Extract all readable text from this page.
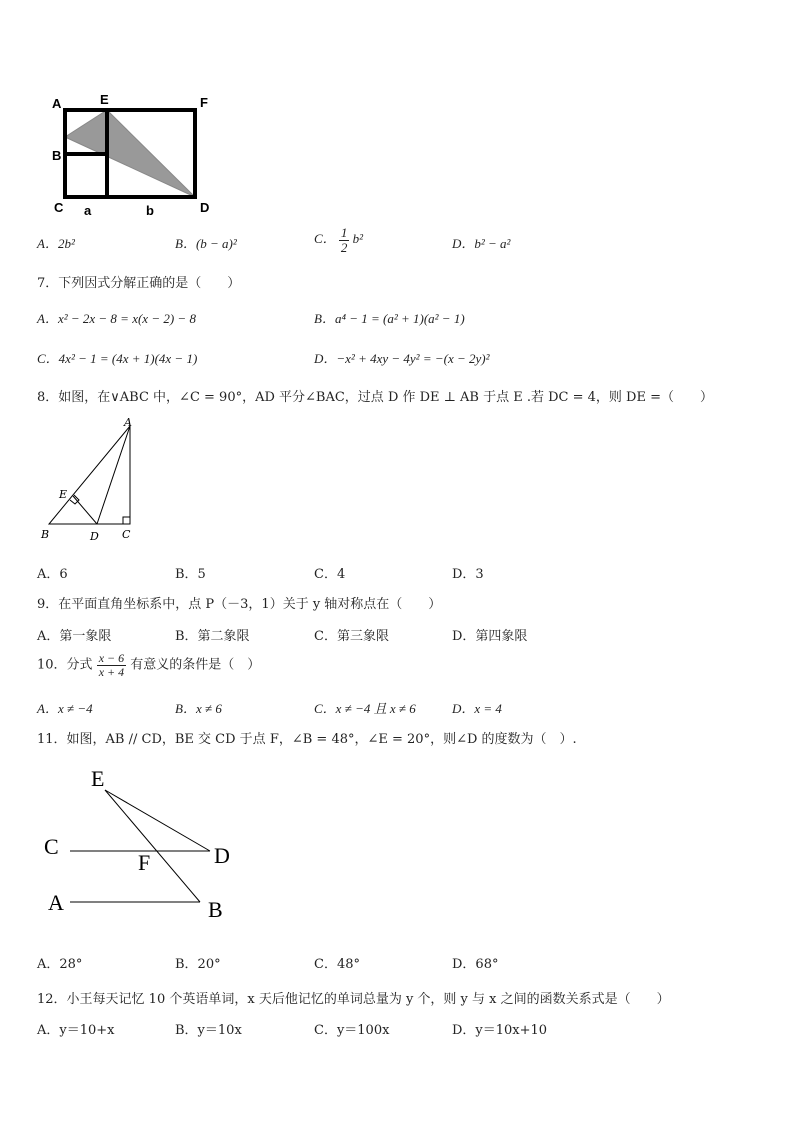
A	E	F
B
C	D
a	b
A．2b²	B．(b − a)²	C． $\frac{1}{2} b^2$	D．b² − a²
7．下列因式分解正确的是（　　）
A．x² − 2x − 8 = x(x − 2) − 8	B．a⁴ − 1 = (a² + 1)(a² − 1)
C．4x² − 1 = (4x + 1)(4x − 1)	D．−x² + 4xy − 4y² = −(x − 2y)²
8．如图，在∨ABC 中，∠C = 90°，AD 平分∠BAC，过点 D 作 DE ⊥ AB 于点 E .若 DC = 4，则 DE =（　　）
A
E
B	D C
A．6	B．5	C．4	D．3
9．在平面直角坐标系中，点 P（－3，1）关于 y 轴对称点在（　　）
A．第一象限	B．第二象限	C．第三象限	D．第四象限
10．分式 $\frac{x - 6}{x + 4}$ 有意义的条件是（　）
A．x ≠ −4	B．x ≠ 6	C．x ≠ −4 且 x ≠ 6	D．x = 4
11．如图，AB // CD，BE 交 CD 于点 F，∠B = 48°，∠E = 20°，则∠D 的度数为（　）.
E
C
F	D
A	B
A．28°	B．20°	C．48°	D．68°
12．小王每天记忆 10 个英语单词，x 天后他记忆的单词总量为 y 个，则 y 与 x 之间的函数关系式是（　　）
A．y＝10+x	B．y＝10x	C．y＝100x	D．y＝10x+10
